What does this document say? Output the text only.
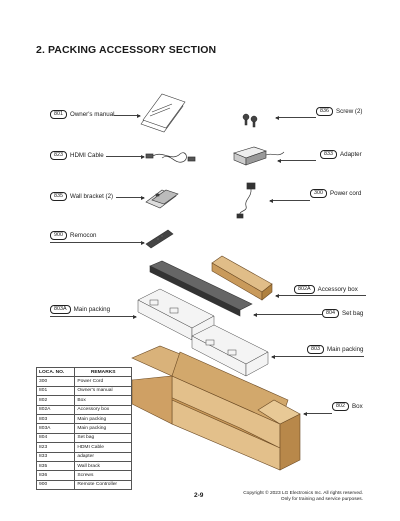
2. PACKING ACCESSORY SECTION
801	Owner's manual
823	HDMI Cable
835	Wall bracket (2)
900	Remocon
803A	Main packing
836	Screw (2)
833	Adapter
300	Power cord
802A	Accessory box
804	Set bag
803	Main packing
802	Box
LOCA. NO.	REMARKS
300	Power Cord
801	Owner's manual
802	Box
802A	Accessory box
803	Main packing
803A	Main packing
804	Set bag
823	HDMI Cable
833	adapter
835	Wall brack
836	Screws
900	Remote Controller
2-9	Copyright © 2023 LG Electronics Inc. All rights reserved.
Only for training and service purposes.
